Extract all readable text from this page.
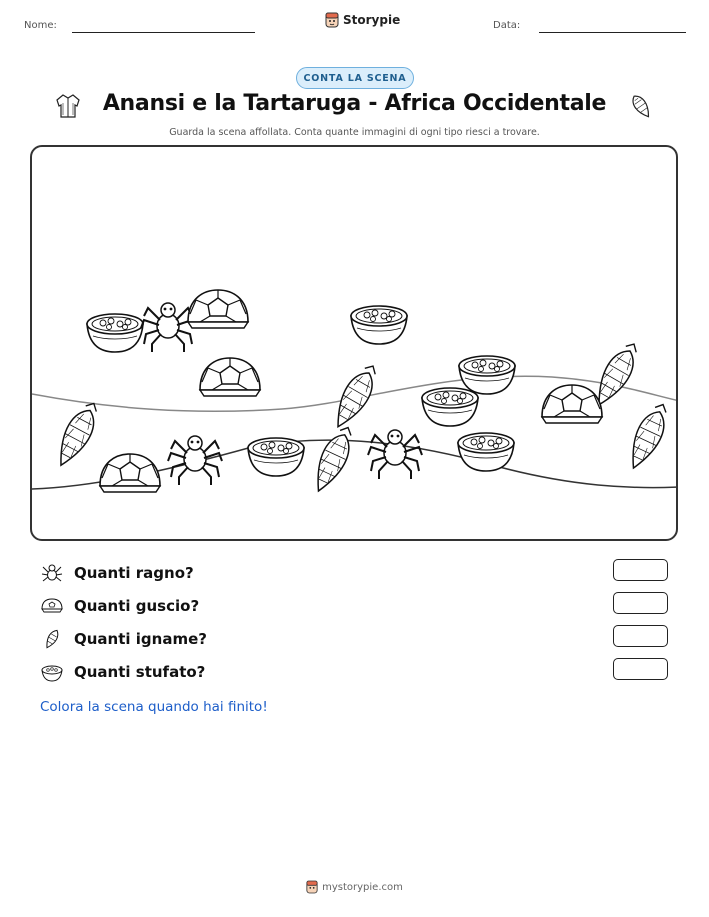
Nome:	Storypie	Data:
CONTA LA SCENA
Anansi e la Tartaruga - Africa Occidentale
Guarda la scena affollata. Conta quante immagini di ogni tipo riesci a trovare.
Quanti ragno?
Quanti guscio?
Quanti igname?
Quanti stufato?
Colora la scena quando hai finito!
mystorypie.com
